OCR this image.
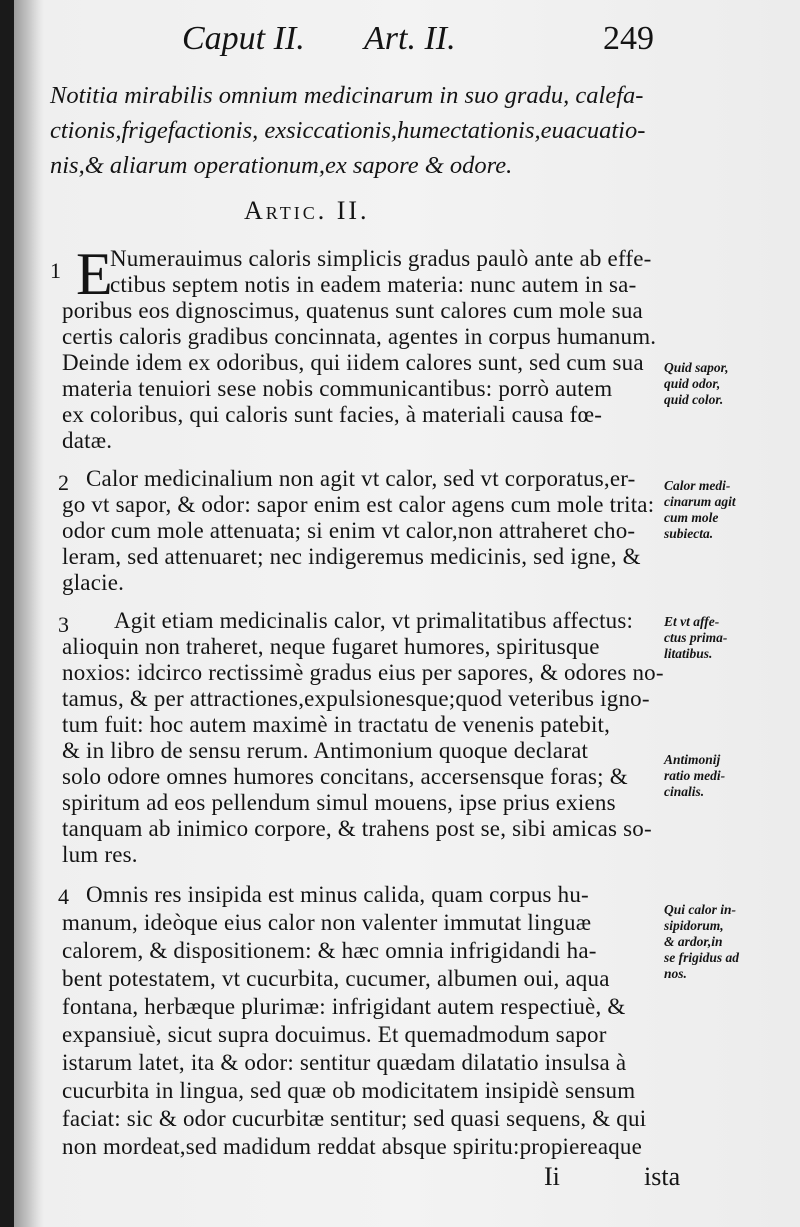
Caput II. Art. II.	249
Notitia mirabilis omnium medicinarum in suo gradu, calefa-
ctionis,frigefactionis, exsiccationis,humectationis,euacuatio-
nis,& aliarum operationum,ex sapore & odore.
Artic. II.
1 E
Numerauimus caloris simplicis gradus paulò ante ab effe-
ctibus septem notis in eadem materia: nunc autem in sa-
poribus eos dignoscimus, quatenus sunt calores cum mole sua
certis caloris gradibus concinnata, agentes in corpus humanum.
Deinde idem ex odoribus, qui iidem calores sunt, sed cum sua
materia tenuiori sese nobis communicantibus: porrò autem
ex coloribus, qui caloris sunt facies, à materiali causa fœ-
datæ.
Quid sapor,
quid odor,
quid color.
2 Calor medicinalium non agit vt calor, sed vt corporatus,er-
go vt sapor, & odor: sapor enim est calor agens cum mole trita:
odor cum mole attenuata; si enim vt calor,non attraheret cho-
leram, sed attenuaret; nec indigeremus medicinis, sed igne, &
glacie.
Calor medi-
cinarum agit
cum mole
subiecta.
3 Agit etiam medicinalis calor, vt primalitatibus affectus:
alioquin non traheret, neque fugaret humores, spiritusque
noxios: idcirco rectissimè gradus eius per sapores, & odores no-
tamus, & per attractiones,expulsionesque;quod veteribus igno-
tum fuit: hoc autem maximè in tractatu de venenis patebit,
& in libro de sensu rerum. Antimonium quoque declarat
solo odore omnes humores concitans, accersensque foras; &
spiritum ad eos pellendum simul mouens, ipse prius exiens
tanquam ab inimico corpore, & trahens post se, sibi amicas so-
lum res.
Et vt affe-
ctus prima-
litatibus.
Antimonij
ratio medi-
cinalis.
4 Omnis res insipida est minus calida, quam corpus hu-
manum, ideòque eius calor non valenter immutat linguæ
calorem, & dispositionem: & hæc omnia infrigidandi ha-
bent potestatem, vt cucurbita, cucumer, albumen oui, aqua
fontana, herbæque plurimæ: infrigidant autem respectiuè, &
expansiuè, sicut supra docuimus. Et quemadmodum sapor
istarum latet, ita & odor: sentitur quædam dilatatio insulsa à
cucurbita in lingua, sed quæ ob modicitatem insipidè sensum
faciat: sic & odor cucurbitæ sentitur; sed quasi sequens, & qui
non mordeat,sed madidum reddat absque spiritu:propiereaque
Qui calor in-
sipidorum,
& ardor,in
se frigidus ad
nos.
Ii	ista
